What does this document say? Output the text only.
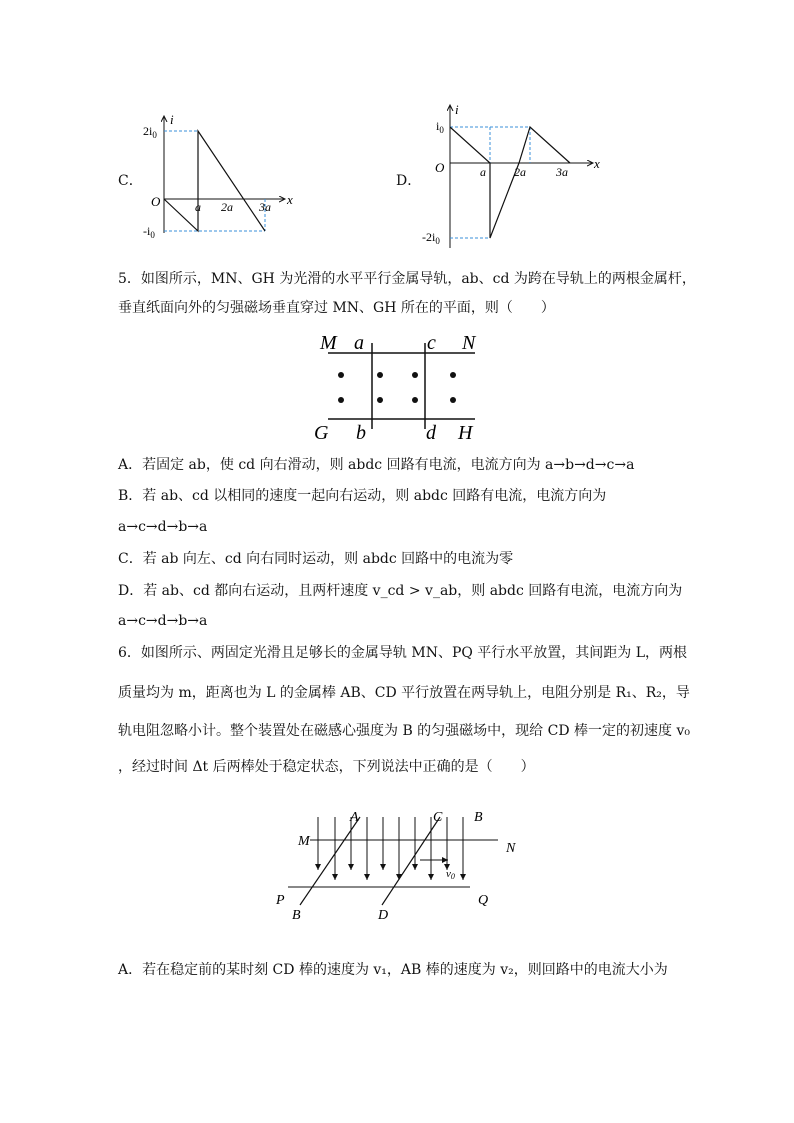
C．
i
x
O
$2i_0$
$-i_0$
a 2a 3a
D．
i
x
O
$i_0$
$-2i_0$
a 2a	3a
5．如图所示，MN、GH 为光滑的水平平行金属导轨，ab、cd 为跨在导轨上的两根金属杆，
垂直纸面向外的匀强磁场垂直穿过 MN、GH 所在的平面，则（　　）
M a	c N
G b	d H
A．若固定 ab，使 cd 向右滑动，则 abdc 回路有电流，电流方向为 a→b→d→c→a
B．若 ab、cd 以相同的速度一起向右运动，则 abdc 回路有电流，电流方向为
a→c→d→b→a
C．若 ab 向左、cd 向右同时运动，则 abdc 回路中的电流为零
D．若 ab、cd 都向右运动，且两杆速度 v_cd > v_ab，则 abdc 回路有电流，电流方向为
a→c→d→b→a
6．如图所示、两固定光滑且足够长的金属导轨 MN、PQ 平行水平放置，其间距为 L，两根
质量均为 m，距离也为 L 的金属棒 AB、CD 平行放置在两导轨上，电阻分别是 R₁、R₂，导
轨电阻忽略小计。整个装置处在磁感心强度为 B 的匀强磁场中，现给 CD 棒一定的初速度 v₀
，经过时间 Δt 后两棒处于稳定状态，下列说法中正确的是（　　）
v0
M
A	C B
N
P	Q
B	D
A．若在稳定前的某时刻 CD 棒的速度为 v₁，AB 棒的速度为 v₂，则回路中的电流大小为
